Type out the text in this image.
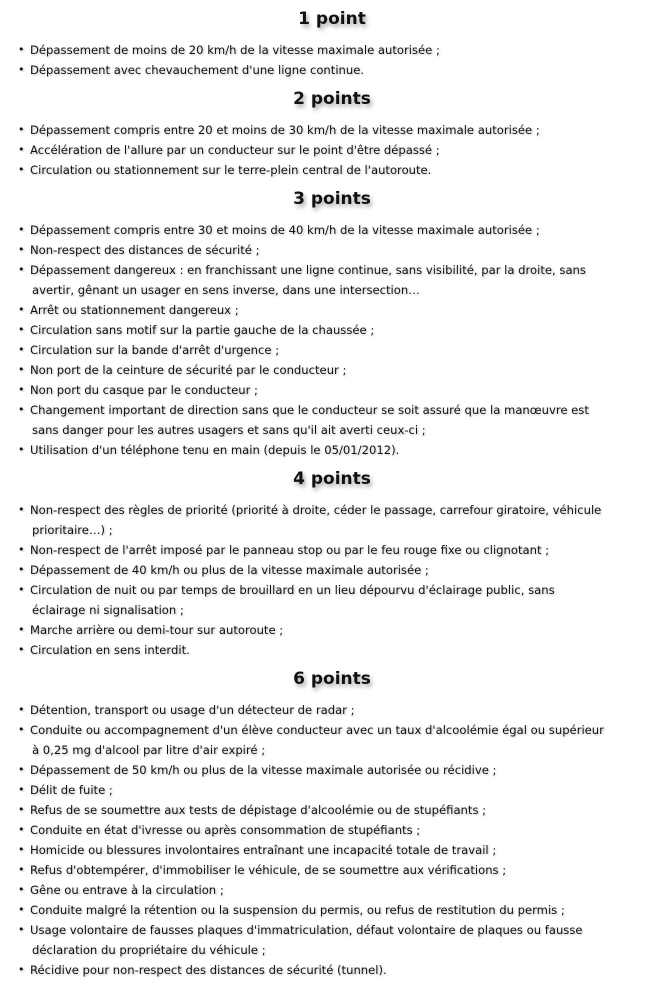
1 point
• Dépassement de moins de 20 km/h de la vitesse maximale autorisée ;
• Dépassement avec chevauchement d'une ligne continue.
2 points
• Dépassement compris entre 20 et moins de 30 km/h de la vitesse maximale autorisée ;
• Accélération de l'allure par un conducteur sur le point d'être dépassé ;
• Circulation ou stationnement sur le terre-plein central de l'autoroute.
3 points
• Dépassement compris entre 30 et moins de 40 km/h de la vitesse maximale autorisée ;
• Non-respect des distances de sécurité ;
• Dépassement dangereux : en franchissant une ligne continue, sans visibilité, par la droite, sans
avertir, gênant un usager en sens inverse, dans une intersection…
• Arrêt ou stationnement dangereux ;
• Circulation sans motif sur la partie gauche de la chaussée ;
• Circulation sur la bande d'arrêt d'urgence ;
• Non port de la ceinture de sécurité par le conducteur ;
• Non port du casque par le conducteur ;
• Changement important de direction sans que le conducteur se soit assuré que la manœuvre est
sans danger pour les autres usagers et sans qu'il ait averti ceux-ci ;
• Utilisation d'un téléphone tenu en main (depuis le 05/01/2012).
4 points
• Non-respect des règles de priorité (priorité à droite, céder le passage, carrefour giratoire, véhicule
prioritaire…) ;
• Non-respect de l'arrêt imposé par le panneau stop ou par le feu rouge fixe ou clignotant ;
• Dépassement de 40 km/h ou plus de la vitesse maximale autorisée ;
• Circulation de nuit ou par temps de brouillard en un lieu dépourvu d'éclairage public, sans
éclairage ni signalisation ;
• Marche arrière ou demi-tour sur autoroute ;
• Circulation en sens interdit.
6 points
• Détention, transport ou usage d'un détecteur de radar ;
• Conduite ou accompagnement d'un élève conducteur avec un taux d'alcoolémie égal ou supérieur
à 0,25 mg d'alcool par litre d'air expiré ;
• Dépassement de 50 km/h ou plus de la vitesse maximale autorisée ou récidive ;
• Délit de fuite ;
• Refus de se soumettre aux tests de dépistage d'alcoolémie ou de stupéfiants ;
• Conduite en état d'ivresse ou après consommation de stupéfiants ;
• Homicide ou blessures involontaires entraînant une incapacité totale de travail ;
• Refus d'obtempérer, d'immobiliser le véhicule, de se soumettre aux vérifications ;
• Gêne ou entrave à la circulation ;
• Conduite malgré la rétention ou la suspension du permis, ou refus de restitution du permis ;
• Usage volontaire de fausses plaques d'immatriculation, défaut volontaire de plaques ou fausse
déclaration du propriétaire du véhicule ;
• Récidive pour non-respect des distances de sécurité (tunnel).
